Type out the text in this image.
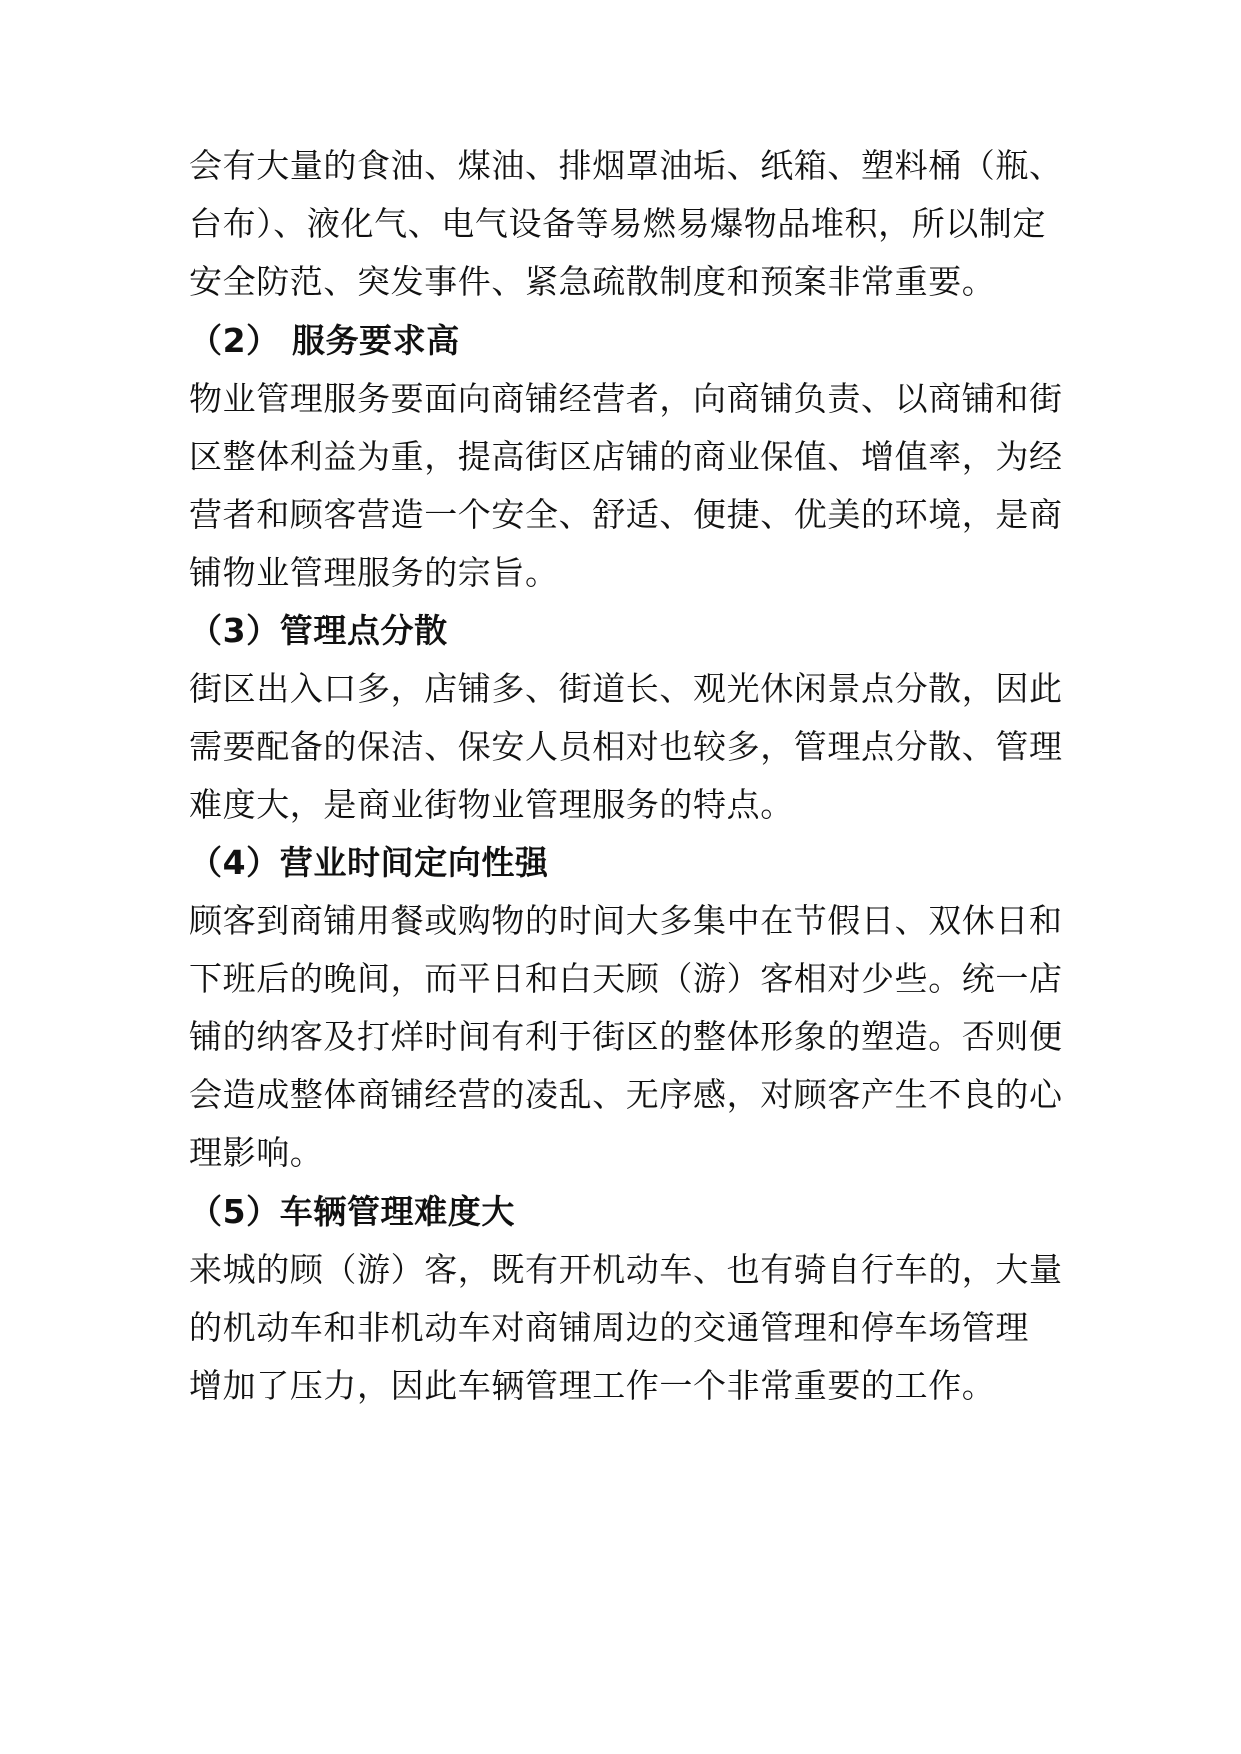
会有大量的食油、煤油、排烟罩油垢、纸箱、塑料桶（瓶、
台布）、液化气、电气设备等易燃易爆物品堆积，所以制定
安全防范、突发事件、紧急疏散制度和预案非常重要。
（2） 服务要求高
物业管理服务要面向商铺经营者，向商铺负责、以商铺和街
区整体利益为重，提高街区店铺的商业保值、增值率，为经
营者和顾客营造一个安全、舒适、便捷、优美的环境，是商
铺物业管理服务的宗旨。
（3）管理点分散
街区出入口多，店铺多、街道长、观光休闲景点分散，因此
需要配备的保洁、保安人员相对也较多，管理点分散、管理
难度大，是商业街物业管理服务的特点。
（4）营业时间定向性强
顾客到商铺用餐或购物的时间大多集中在节假日、双休日和
下班后的晚间，而平日和白天顾（游）客相对少些。统一店
铺的纳客及打烊时间有利于街区的整体形象的塑造。否则便
会造成整体商铺经营的凌乱、无序感，对顾客产生不良的心
理影响。
（5）车辆管理难度大
来城的顾（游）客，既有开机动车、也有骑自行车的，大量
的机动车和非机动车对商铺周边的交通管理和停车场管理
增加了压力，因此车辆管理工作一个非常重要的工作。
